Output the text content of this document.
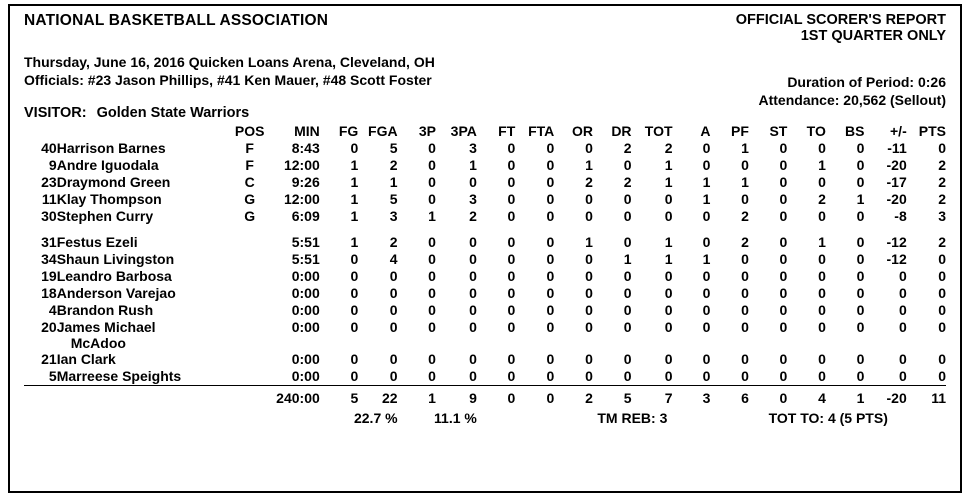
NATIONAL BASKETBALL ASSOCIATION	OFFICIAL SCORER'S REPORT
1ST QUARTER ONLY
Thursday, June 16, 2016 Quicken Loans Arena, Cleveland, OH
Officials: #23 Jason Phillips, #41 Ken Mauer, #48 Scott Foster	Duration of Period: 0:26
Attendance: 20,562 (Sellout)
VISITOR: Golden State Warriors
		POS	MIN	FG	FGA	3P	3PA	FT	FTA	OR	DR	TOT	A	PF	ST	TO	BS	+/-	PTS
40	Harrison Barnes	F	8:43	0	5	0	3	0	0	0	2	2	0	1	0	0	0	-11	0
9	Andre Iguodala	F	12:00	1	2	0	1	0	0	1	0	1	0	0	0	1	0	-20	2
23	Draymond Green	C	9:26	1	1	0	0	0	0	2	2	1	1	1	0	0	0	-17	2
11	Klay Thompson	G	12:00	1	5	0	3	0	0	0	0	0	1	0	0	2	1	-20	2
30	Stephen Curry	G	6:09	1	3	1	2	0	0	0	0	0	0	2	0	0	0	-8	3

31	Festus Ezeli		5:51	1	2	0	0	0	0	1	0	1	0	2	0	1	0	-12	2
34	Shaun Livingston		5:51	0	4	0	0	0	0	0	1	1	1	0	0	0	0	-12	0
19	Leandro Barbosa		0:00	0	0	0	0	0	0	0	0	0	0	0	0	0	0	0	0
18	Anderson Varejao		0:00	0	0	0	0	0	0	0	0	0	0	0	0	0	0	0	0
4	Brandon Rush		0:00	0	0	0	0	0	0	0	0	0	0	0	0	0	0	0	0
20	James Michael		0:00	0	0	0	0	0	0	0	0	0	0	0	0	0	0	0	0
	McAdoo																		
21	Ian Clark		0:00	0	0	0	0	0	0	0	0	0	0	0	0	0	0	0	0
5	Marreese Speights		0:00	0	0	0	0	0	0	0	0	0	0	0	0	0	0	0	0
			240:00	5	22	1	9	0	0	2	5	7	3	6	0	4	1	-20	11
				22.7 %		11.1 %				TM REB: 3				TOT TO: 4 (5 PTS)					
